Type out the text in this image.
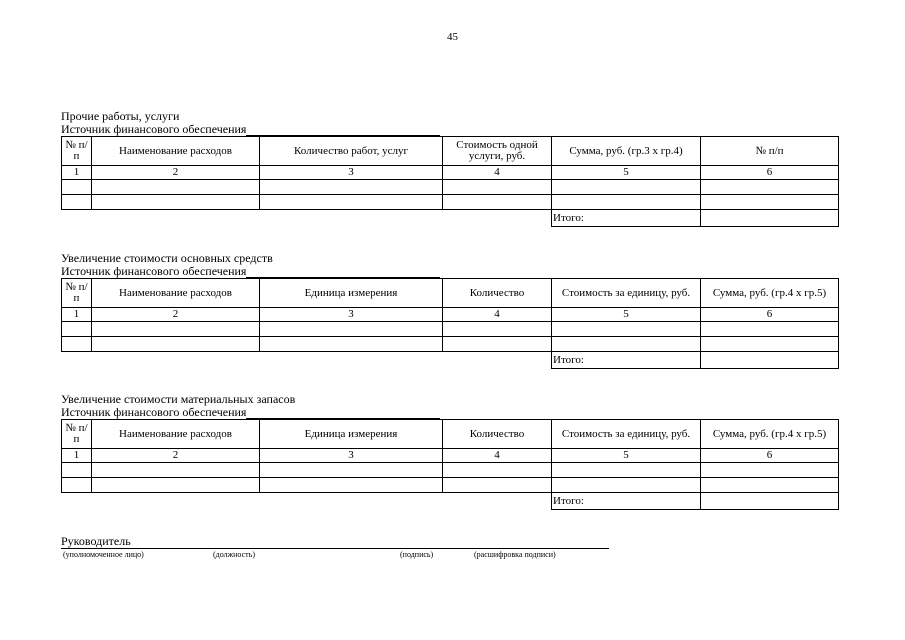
45
Прочие работы, услуги
Источник финансового обеспечения
№ п/п	Наименование расходов	Количество работ, услуг	Стоимость одной услуги, руб.	Сумма, руб. (гр.3 х гр.4)	№ п/п
1	2	3	4	5	6

				Итого:	
Увеличение стоимости основных средств
Источник финансового обеспечения
№ п/п	Наименование расходов	Единица измерения	Количество	Стоимость за единицу, руб.	Сумма, руб. (гр.4 х гр.5)
1	2	3	4	5	6

				Итого:	
Увеличение стоимости материальных запасов
Источник финансового обеспечения
№ п/п	Наименование расходов	Единица измерения	Количество	Стоимость за единицу, руб.	Сумма, руб. (гр.4 х гр.5)
1	2	3	4	5	6

				Итого:	
Руководитель
(уполномоченное лицо)	(должность)	(подпись)	(расшифровка подписи)
